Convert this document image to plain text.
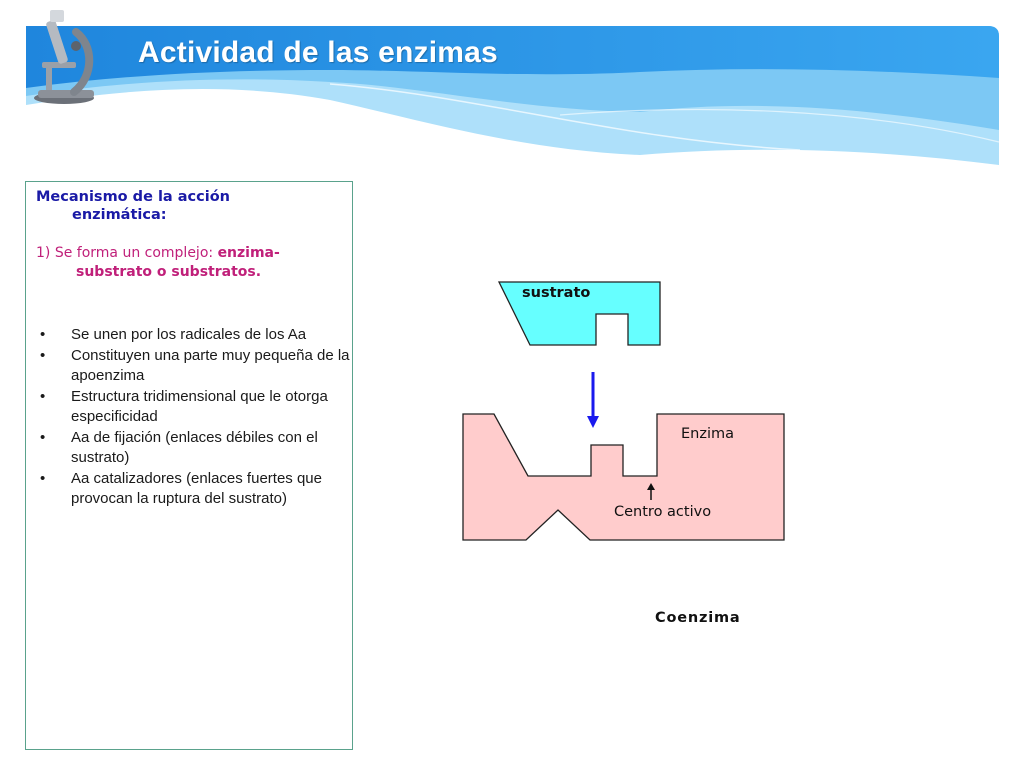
Actividad de las enzimas

Mecanismo de la acción
enzimática:

1) Se forma un complejo: enzima-
substrato o substratos.

• Se unen por los radicales de los Aa
• Constituyen una parte muy pequeña de la apoenzima
• Estructura tridimensional que le otorga especificidad
• Aa de fijación (enlaces débiles con el sustrato)
• Aa catalizadores (enlaces fuertes que provocan la ruptura del sustrato)
sustrato
Enzima
Centro activo

Coenzima
